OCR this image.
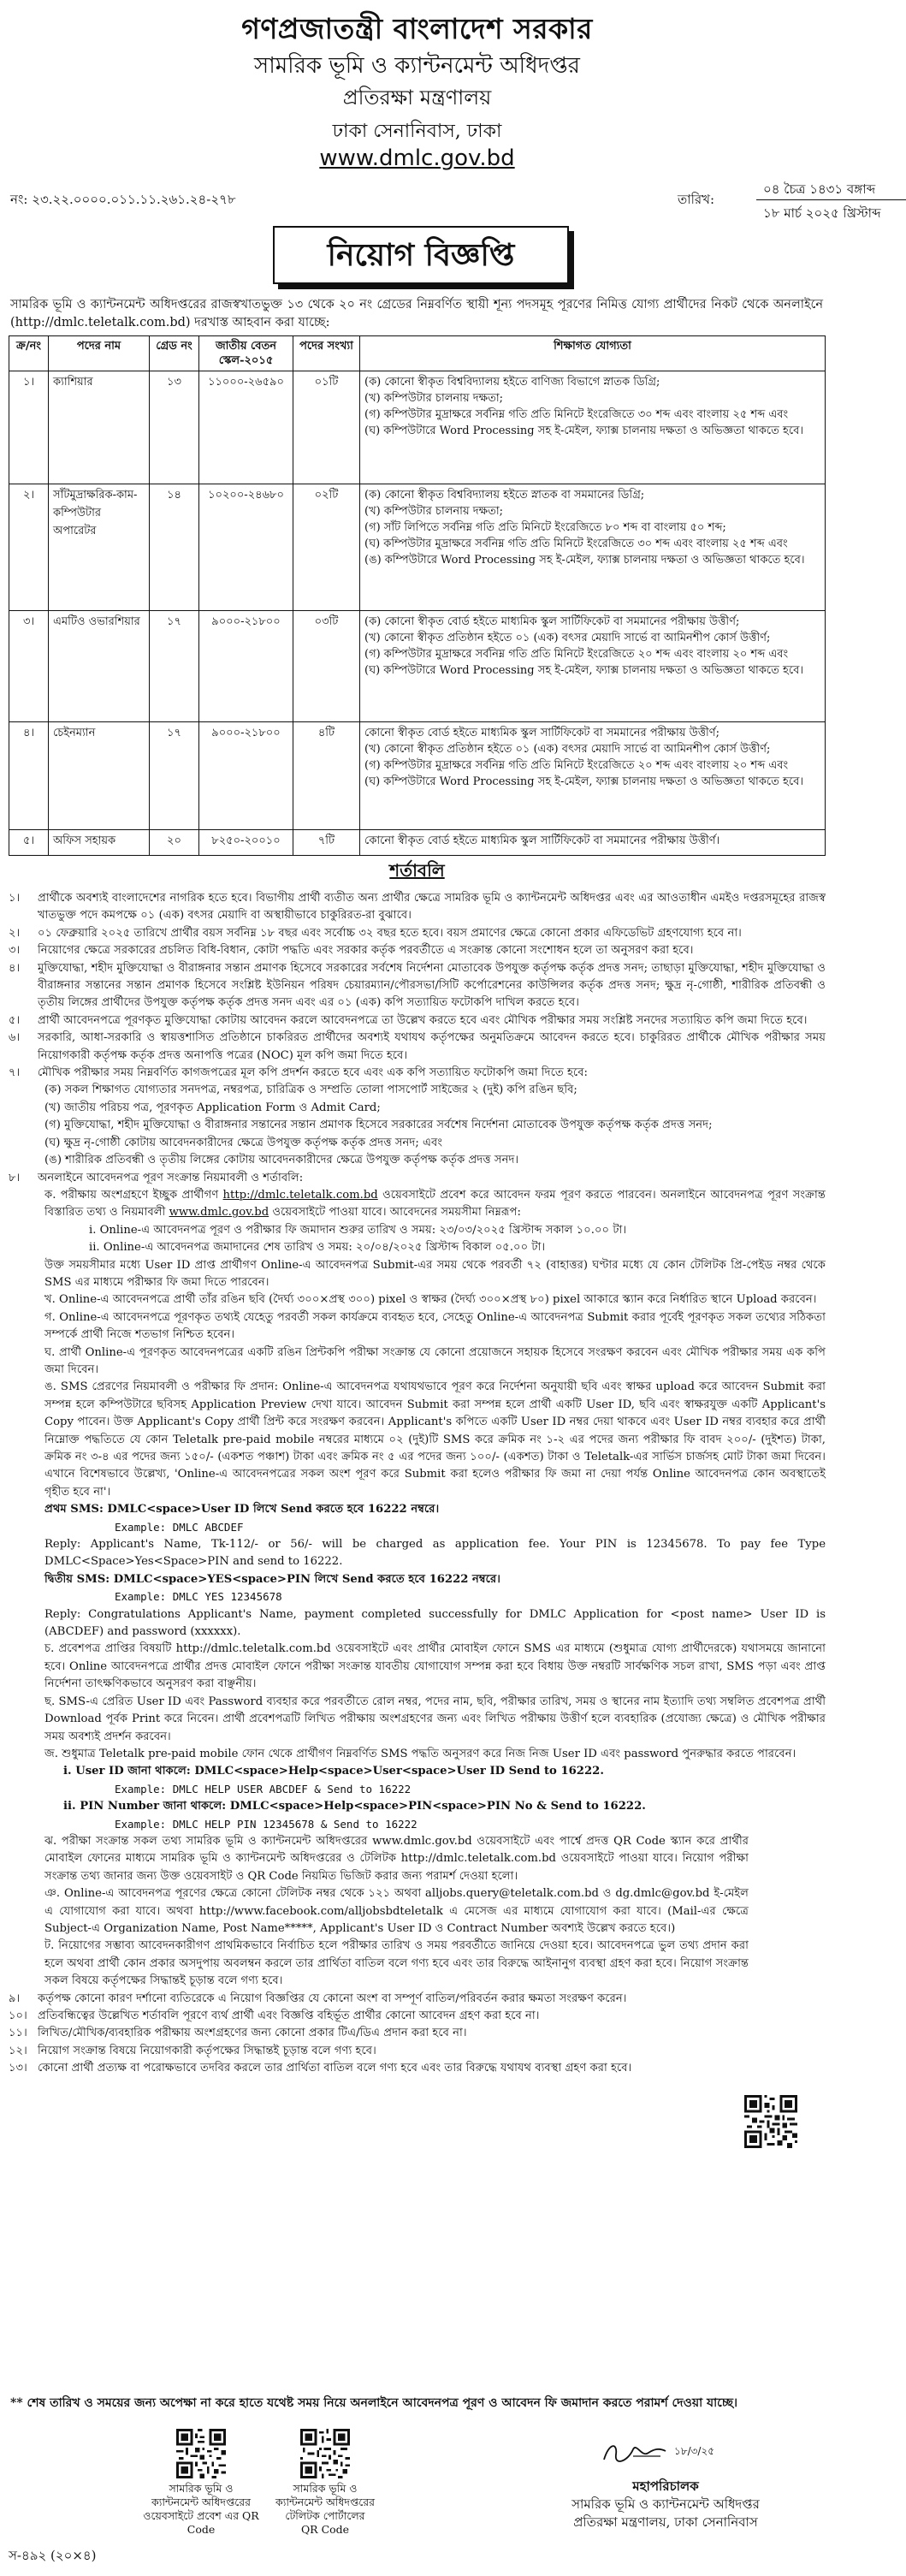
গণপ্রজাতন্ত্রী বাংলাদেশ সরকার
সামরিক ভূমি ও ক্যান্টনমেন্ট অধিদপ্তর
প্রতিরক্ষা মন্ত্রণালয়
ঢাকা সেনানিবাস, ঢাকা
www.dmlc.gov.bd
নং: ২৩.২২.০০০০.০১১.১১.২৬১.২৪-২৭৮	তারিখ:
০৪ চৈত্র ১৪৩১ বঙ্গাব্দ
১৮ মার্চ ২০২৫ খ্রিস্টাব্দ
নিয়োগ বিজ্ঞপ্তি
সামরিক ভূমি ও ক্যান্টনমেন্ট অধিদপ্তরের রাজস্বখাতভুক্ত ১৩ থেকে ২০ নং গ্রেডের নিম্নবর্ণিত স্থায়ী শূন্য পদসমূহ পূরণের নিমিত্ত যোগ্য প্রার্থীদের নিকট থেকে অনলাইনে (http://dmlc.teletalk.com.bd) দরখাস্ত আহবান করা যাচ্ছে:
ক্র/নং	পদের নাম	গ্রেড নং	জাতীয় বেতন স্কেল-২০১৫	পদের সংখ্যা	শিক্ষাগত যোগ্যতা
১।	ক্যাশিয়ার	১৩	১১০০০-২৬৫৯০	০১টি	(ক) কোনো স্বীকৃত বিশ্ববিদ্যালয় হইতে বাণিজ্য বিভাগে স্নাতক ডিগ্রি;
(খ) কম্পিউটার চালনায় দক্ষতা;
(গ) কম্পিউটার মুদ্রাক্ষরে সর্বনিম্ন গতি প্রতি মিনিটে ইংরেজিতে ৩০ শব্দ এবং বাংলায় ২৫ শব্দ এবং
(ঘ) কম্পিউটারে Word Processing সহ ই-মেইল, ফ্যাক্স চালনায় দক্ষতা ও অভিজ্ঞতা থাকতে হবে।

২।	সাঁটমুদ্রাক্ষরিক-কাম-কম্পিউটার অপারেটর	১৪	১০২০০-২৪৬৮০	০২টি	(ক) কোনো স্বীকৃত বিশ্ববিদ্যালয় হইতে স্নাতক বা সমমানের ডিগ্রি;
(খ) কম্পিউটার চালনায় দক্ষতা;
(গ) সাঁট লিপিতে সর্বনিম্ন গতি প্রতি মিনিটে ইংরেজিতে ৮০ শব্দ বা বাংলায় ৫০ শব্দ;
(ঘ) কম্পিউটার মুদ্রাক্ষরে সর্বনিম্ন গতি প্রতি মিনিটে ইংরেজিতে ৩০ শব্দ এবং বাংলায় ২৫ শব্দ এবং
(ঙ) কম্পিউটারে Word Processing সহ ই-মেইল, ফ্যাক্স চালনায় দক্ষতা ও অভিজ্ঞতা থাকতে হবে।

৩।	এমটিও ওভারশিয়ার	১৭	৯০০০-২১৮০০	০৩টি	(ক) কোনো স্বীকৃত বোর্ড হইতে মাধ্যমিক স্কুল সার্টিফিকেট বা সমমানের পরীক্ষায় উত্তীর্ণ;
(খ) কোনো স্বীকৃত প্রতিষ্ঠান হইতে ০১ (এক) বৎসর মেয়াদি সার্ভে বা আমিনশীপ কোর্স উত্তীর্ণ;
(গ) কম্পিউটার মুদ্রাক্ষরে সর্বনিম্ন গতি প্রতি মিনিটে ইংরেজিতে ২০ শব্দ এবং বাংলায় ২০ শব্দ এবং
(ঘ) কম্পিউটারে Word Processing সহ ই-মেইল, ফ্যাক্স চালনায় দক্ষতা ও অভিজ্ঞতা থাকতে হবে।

৪।	চেইনম্যান	১৭	৯০০০-২১৮০০	৪টি	কোনো স্বীকৃত বোর্ড হইতে মাধ্যমিক স্কুল সার্টিফিকেট বা সমমানের পরীক্ষায় উত্তীর্ণ;
(খ) কোনো স্বীকৃত প্রতিষ্ঠান হইতে ০১ (এক) বৎসর মেয়াদি সার্ভে বা আমিনশীপ কোর্স উত্তীর্ণ;
(গ) কম্পিউটার মুদ্রাক্ষরে সর্বনিম্ন গতি প্রতি মিনিটে ইংরেজিতে ২০ শব্দ এবং বাংলায় ২০ শব্দ এবং
(ঘ) কম্পিউটারে Word Processing সহ ই-মেইল, ফ্যাক্স চালনায় দক্ষতা ও অভিজ্ঞতা থাকতে হবে।

৫।	অফিস সহায়ক	২০	৮২৫০-২০০১০	৭টি	কোনো স্বীকৃত বোর্ড হইতে মাধ্যমিক স্কুল সার্টিফিকেট বা সমমানের পরীক্ষায় উত্তীর্ণ।
শর্তাবলি
১। প্রার্থীকে অবশ্যই বাংলাদেশের নাগরিক হতে হবে। বিভাগীয় প্রার্থী ব্যতীত অন্য প্রার্থীর ক্ষেত্রে সামরিক ভূমি ও ক্যান্টনমেন্ট অধিদপ্তর এবং এর আওতাধীন এমইও দপ্তরসমূহের রাজস্ব খাতভুক্ত পদে কমপক্ষে ০১ (এক) বৎসর মেয়াদি বা অস্থায়ীভাবে চাকুরিরত-রা বুঝাবে।
২। ০১ ফেব্রুয়ারি ২০২৫ তারিখে প্রার্থীর বয়স সর্বনিম্ন ১৮ বছর এবং সর্বোচ্চ ৩২ বছর হতে হবে। বয়স প্রমাণের ক্ষেত্রে কোনো প্রকার এফিডেভিট গ্রহণযোগ্য হবে না।
৩। নিয়োগের ক্ষেত্রে সরকারের প্রচলিত বিধি-বিধান, কোটা পদ্ধতি এবং সরকার কর্তৃক পরবর্তীতে এ সংক্রান্ত কোনো সংশোধন হলে তা অনুসরণ করা হবে।
৪। মুক্তিযোদ্ধা, শহীদ মুক্তিযোদ্ধা ও বীরাঙ্গনার সন্তান প্রমাণক হিসেবে সরকারের সর্বশেষ নির্দেশনা মোতাবেক উপযুক্ত কর্তৃপক্ষ কর্তৃক প্রদত্ত সনদ; তাছাড়া মুক্তিযোদ্ধা, শহীদ মুক্তিযোদ্ধা ও বীরাঙ্গনার সন্তানের সন্তান প্রমাণক হিসেবে সংশ্লিষ্ট ইউনিয়ন পরিষদ চেয়ারম্যান/পৌরসভা/সিটি কর্পোরেশনের কাউন্সিলর কর্তৃক প্রদত্ত সনদ; ক্ষুদ্র নৃ-গোষ্ঠী, শারীরিক প্রতিবন্ধী ও তৃতীয় লিঙ্গের প্রার্থীদের উপযুক্ত কর্তৃপক্ষ কর্তৃক প্রদত্ত সনদ এবং এর ০১ (এক) কপি সত্যায়িত ফটোকপি দাখিল করতে হবে।
৫। প্রার্থী আবেদনপত্রে পূরণকৃত মুক্তিযোদ্ধা কোটায় আবেদন করলে আবেদনপত্রে তা উল্লেখ করতে হবে এবং মৌখিক পরীক্ষার সময় সংশ্লিষ্ট সনদের সত্যায়িত কপি জমা দিতে হবে।
৬। সরকারি, আধা-সরকারি ও স্বায়ত্তশাসিত প্রতিষ্ঠানে চাকরিরত প্রার্থীদের অবশ্যই যথাযথ কর্তৃপক্ষের অনুমতিক্রমে আবেদন করতে হবে। চাকুরিরত প্রার্থীকে মৌখিক পরীক্ষার সময় নিয়োগকারী কর্তৃপক্ষ কর্তৃক প্রদত্ত অনাপত্তি পত্রের (NOC) মূল কপি জমা দিতে হবে।
৭। মৌখিক পরীক্ষার সময় নিম্নবর্ণিত কাগজপত্রের মূল কপি প্রদর্শন করতে হবে এবং এক কপি সত্যায়িত ফটোকপি জমা দিতে হবে:
(ক) সকল শিক্ষাগত যোগ্যতার সনদপত্র, নম্বরপত্র, চারিত্রিক ও সম্প্রতি তোলা পাসপোর্ট সাইজের ২ (দুই) কপি রঙিন ছবি;
(খ) জাতীয় পরিচয় পত্র, পূরণকৃত Application Form ও Admit Card;
(গ) মুক্তিযোদ্ধা, শহীদ মুক্তিযোদ্ধা ও বীরাঙ্গনার সন্তানের সন্তান প্রমাণক হিসেবে সরকারের সর্বশেষ নির্দেশনা মোতাবেক উপযুক্ত কর্তৃপক্ষ কর্তৃক প্রদত্ত সনদ;
(ঘ) ক্ষুদ্র নৃ-গোষ্ঠী কোটায় আবেদনকারীদের ক্ষেত্রে উপযুক্ত কর্তৃপক্ষ কর্তৃক প্রদত্ত সনদ; এবং
(ঙ) শারীরিক প্রতিবন্ধী ও তৃতীয় লিঙ্গের কোটায় আবেদনকারীদের ক্ষেত্রে উপযুক্ত কর্তৃপক্ষ কর্তৃক প্রদত্ত সনদ।
৮। অনলাইনে আবেদনপত্র পূরণ সংক্রান্ত নিয়মাবলী ও শর্তাবলি:
ক. পরীক্ষায় অংশগ্রহণে ইচ্ছুক প্রার্থীগণ http://dmlc.teletalk.com.bd ওয়েবসাইটে প্রবেশ করে আবেদন ফরম পূরণ করতে পারবেন। অনলাইনে আবেদনপত্র পূরণ সংক্রান্ত বিস্তারিত তথ্য ও নিয়মাবলী www.dmlc.gov.bd ওয়েবসাইটে পাওয়া যাবে। আবেদনের সময়সীমা নিম্নরূপ:
i. Online-এ আবেদনপত্র পূরণ ও পরীক্ষার ফি জমাদান শুরুর তারিখ ও সময়: ২৩/০৩/২০২৫ খ্রিস্টাব্দ সকাল ১০.০০ টা।
ii. Online-এ আবেদনপত্র জমাদানের শেষ তারিখ ও সময়: ২০/০৪/২০২৫ খ্রিস্টাব্দ বিকাল ০৫.০০ টা।
উক্ত সময়সীমার মধ্যে User ID প্রাপ্ত প্রার্থীগণ Online-এ আবেদনপত্র Submit-এর সময় থেকে পরবর্তী ৭২ (বাহাত্তর) ঘণ্টার মধ্যে যে কোন টেলিটক প্রি-পেইড নম্বর থেকে SMS এর মাধ্যমে পরীক্ষার ফি জমা দিতে পারবেন।
খ. Online-এ আবেদনপত্রে প্রার্থী তাঁর রঙিন ছবি (দৈর্ঘ্য ৩০০×প্রস্থ ৩০০) pixel ও স্বাক্ষর (দৈর্ঘ্য ৩০০×প্রস্থ ৮০) pixel আকারে স্ক্যান করে নির্ধারিত স্থানে Upload করবেন।
গ. Online-এ আবেদনপত্রে পূরণকৃত তথ্যই যেহেতু পরবর্তী সকল কার্যক্রমে ব্যবহৃত হবে, সেহেতু Online-এ আবেদনপত্র Submit করার পূর্বেই পূরণকৃত সকল তথ্যের সঠিকতা সম্পর্কে প্রার্থী নিজে শতভাগ নিশ্চিত হবেন।
ঘ. প্রার্থী Online-এ পূরণকৃত আবেদনপত্রের একটি রঙিন প্রিন্টকপি পরীক্ষা সংক্রান্ত যে কোনো প্রয়োজনে সহায়ক হিসেবে সংরক্ষণ করবেন এবং মৌখিক পরীক্ষার সময় এক কপি জমা দিবেন।
ঙ. SMS প্রেরণের নিয়মাবলী ও পরীক্ষার ফি প্রদান: Online-এ আবেদনপত্র যথাযথভাবে পূরণ করে নির্দেশনা অনুযায়ী ছবি এবং স্বাক্ষর upload করে আবেদন Submit করা সম্পন্ন হলে কম্পিউটারে ছবিসহ Application Preview দেখা যাবে। আবেদন Submit করা সম্পন্ন হলে প্রার্থী একটি User ID, ছবি এবং স্বাক্ষরযুক্ত একটি Applicant's Copy পাবেন। উক্ত Applicant's Copy প্রার্থী প্রিন্ট করে সংরক্ষণ করবেন। Applicant's কপিতে একটি User ID নম্বর দেয়া থাকবে এবং User ID নম্বর ব্যবহার করে প্রার্থী নিম্নোক্ত পদ্ধতিতে যে কোন Teletalk pre-paid mobile নম্বরের মাধ্যমে ০২ (দুই)টি SMS করে ক্রমিক নং ১-২ এর পদের জন্য পরীক্ষার ফি বাবদ ২০০/- (দুইশত) টাকা, ক্রমিক নং ৩-৪ এর পদের জন্য ১৫০/- (একশত পঞ্চাশ) টাকা এবং ক্রমিক নং ৫ এর পদের জন্য ১০০/- (একশত) টাকা ও Teletalk-এর সার্ভিস চার্জসহ মোট টাকা জমা দিবেন। এখানে বিশেষভাবে উল্লেখ্য, 'Online-এ আবেদনপত্রের সকল অংশ পূরণ করে Submit করা হলেও পরীক্ষার ফি জমা না দেয়া পর্যন্ত Online আবেদনপত্র কোন অবস্থাতেই গৃহীত হবে না'।
প্রথম SMS: DMLC<space>User ID লিখে Send করতে হবে 16222 নম্বরে।
Example: DMLC ABCDEF
Reply: Applicant's Name, Tk-112/- or 56/- will be charged as application fee. Your PIN is 12345678. To pay fee Type DMLC<Space>Yes<Space>PIN and send to 16222.
দ্বিতীয় SMS: DMLC<space>YES<space>PIN লিখে Send করতে হবে 16222 নম্বরে।
Example: DMLC YES 12345678
Reply: Congratulations Applicant's Name, payment completed successfully for DMLC Application for <post name> User ID is (ABCDEF) and password (xxxxxx).
চ. প্রবেশপত্র প্রাপ্তির বিষয়টি http://dmlc.teletalk.com.bd ওয়েবসাইটে এবং প্রার্থীর মোবাইল ফোনে SMS এর মাধ্যমে (শুধুমাত্র যোগ্য প্রার্থীদেরকে) যথাসময়ে জানানো হবে। Online আবেদনপত্রে প্রার্থীর প্রদত্ত মোবাইল ফোনে পরীক্ষা সংক্রান্ত যাবতীয় যোগাযোগ সম্পন্ন করা হবে বিধায় উক্ত নম্বরটি সার্বক্ষণিক সচল রাখা, SMS পড়া এবং প্রাপ্ত নির্দেশনা তাৎক্ষণিকভাবে অনুসরণ করা বাঞ্ছনীয়।
ছ. SMS-এ প্রেরিত User ID এবং Password ব্যবহার করে পরবর্তীতে রোল নম্বর, পদের নাম, ছবি, পরীক্ষার তারিখ, সময় ও স্থানের নাম ইত্যাদি তথ্য সম্বলিত প্রবেশপত্র প্রার্থী Download পূর্বক Print করে নিবেন। প্রার্থী প্রবেশপত্রটি লিখিত পরীক্ষায় অংশগ্রহণের জন্য এবং লিখিত পরীক্ষায় উত্তীর্ণ হলে ব্যবহারিক (প্রযোজ্য ক্ষেত্রে) ও মৌখিক পরীক্ষার সময় অবশ্যই প্রদর্শন করবেন।
জ. শুধুমাত্র Teletalk pre-paid mobile ফোন থেকে প্রার্থীগণ নিম্নবর্ণিত SMS পদ্ধতি অনুসরণ করে নিজ নিজ User ID এবং password পুনরুদ্ধার করতে পারবেন।
i. User ID জানা থাকলে: DMLC<space>Help<space>User<space>User ID Send to 16222.
Example: DMLC HELP USER ABCDEF & Send to 16222
ii. PIN Number জানা থাকলে: DMLC<space>Help<space>PIN<space>PIN No & Send to 16222.
Example: DMLC HELP PIN 12345678 & Send to 16222
ঝ. পরীক্ষা সংক্রান্ত সকল তথ্য সামরিক ভূমি ও ক্যান্টনমেন্ট অধিদপ্তরের www.dmlc.gov.bd ওয়েবসাইটে এবং পার্শ্বে প্রদত্ত QR Code স্ক্যান করে প্রার্থীর মোবাইল ফোনের মাধ্যমে সামরিক ভূমি ও ক্যান্টনমেন্ট অধিদপ্তরের ও টেলিটক http://dmlc.teletalk.com.bd ওয়েবসাইটে পাওয়া যাবে। নিয়োগ পরীক্ষা সংক্রান্ত তথ্য জানার জন্য উক্ত ওয়েবসাইট ও QR Code নিয়মিত ভিজিট করার জন্য পরামর্শ দেওয়া হলো।
ঞ. Online-এ আবেদনপত্র পূরণের ক্ষেত্রে কোনো টেলিটক নম্বর থেকে ১২১ অথবা alljobs.query@teletalk.com.bd ও dg.dmlc@gov.bd ই-মেইল এ যোগাযোগ করা যাবে। অথবা http://www.facebook.com/alljobsbdteletalk এ মেসেজ এর মাধ্যমে যোগাযোগ করা যাবে। (Mail-এর ক্ষেত্রে Subject-এ Organization Name, Post Name*****, Applicant's User ID ও Contract Number অবশ্যই উল্লেখ করতে হবে।)
ট. নিয়োগের সম্ভাব্য আবেদনকারীগণ প্রাথমিকভাবে নির্বাচিত হলে পরীক্ষার তারিখ ও সময় পরবর্তীতে জানিয়ে দেওয়া হবে। আবেদনপত্রে ভুল তথ্য প্রদান করা হলে অথবা প্রার্থী কোন প্রকার অসদুপায় অবলম্বন করলে তার প্রার্থিতা বাতিল বলে গণ্য হবে এবং তার বিরুদ্ধে আইনানুগ ব্যবস্থা গ্রহণ করা হবে। নিয়োগ সংক্রান্ত সকল বিষয়ে কর্তৃপক্ষের সিদ্ধান্তই চূড়ান্ত বলে গণ্য হবে।
৯। কর্তৃপক্ষ কোনো কারণ দর্শানো ব্যতিরেকে এ নিয়োগ বিজ্ঞপ্তির যে কোনো অংশ বা সম্পূর্ণ বাতিল/পরিবর্তন করার ক্ষমতা সংরক্ষণ করেন।
১০। প্রতিবন্ধিত্বের উল্লেখিত শর্তাবলি পূরণে ব্যর্থ প্রার্থী এবং বিজ্ঞপ্তি বহির্ভূত প্রার্থীর কোনো আবেদন গ্রহণ করা হবে না।
১১। লিখিত/মৌখিক/ব্যবহারিক পরীক্ষায় অংশগ্রহণের জন্য কোনো প্রকার টিএ/ডিএ প্রদান করা হবে না।
১২। নিয়োগ সংক্রান্ত বিষয়ে নিয়োগকারী কর্তৃপক্ষের সিদ্ধান্তই চূড়ান্ত বলে গণ্য হবে।
১৩। কোনো প্রার্থী প্রত্যক্ষ বা পরোক্ষভাবে তদবির করলে তার প্রার্থিতা বাতিল বলে গণ্য হবে এবং তার বিরুদ্ধে যথাযথ ব্যবস্থা গ্রহণ করা হবে।
** শেষ তারিখ ও সময়ের জন্য অপেক্ষা না করে হাতে যথেষ্ট সময় নিয়ে অনলাইনে আবেদনপত্র পূরণ ও আবেদন ফি জমাদান করতে পরামর্শ দেওয়া যাচ্ছে।
সামরিক ভূমি ও
ক্যান্টনমেন্ট অধিদপ্তরের
ওয়েবসাইটে প্রবেশ এর QR
Code
সামরিক ভূমি ও
ক্যান্টনমেন্ট অধিদপ্তরের
টেলিটক পোর্টালের
QR Code
১৮/৩/২৫
মহাপরিচালক
সামরিক ভূমি ও ক্যান্টনমেন্ট অধিদপ্তর
প্রতিরক্ষা মন্ত্রণালয়, ঢাকা সেনানিবাস
স-৪৯২ (২০×৪)
